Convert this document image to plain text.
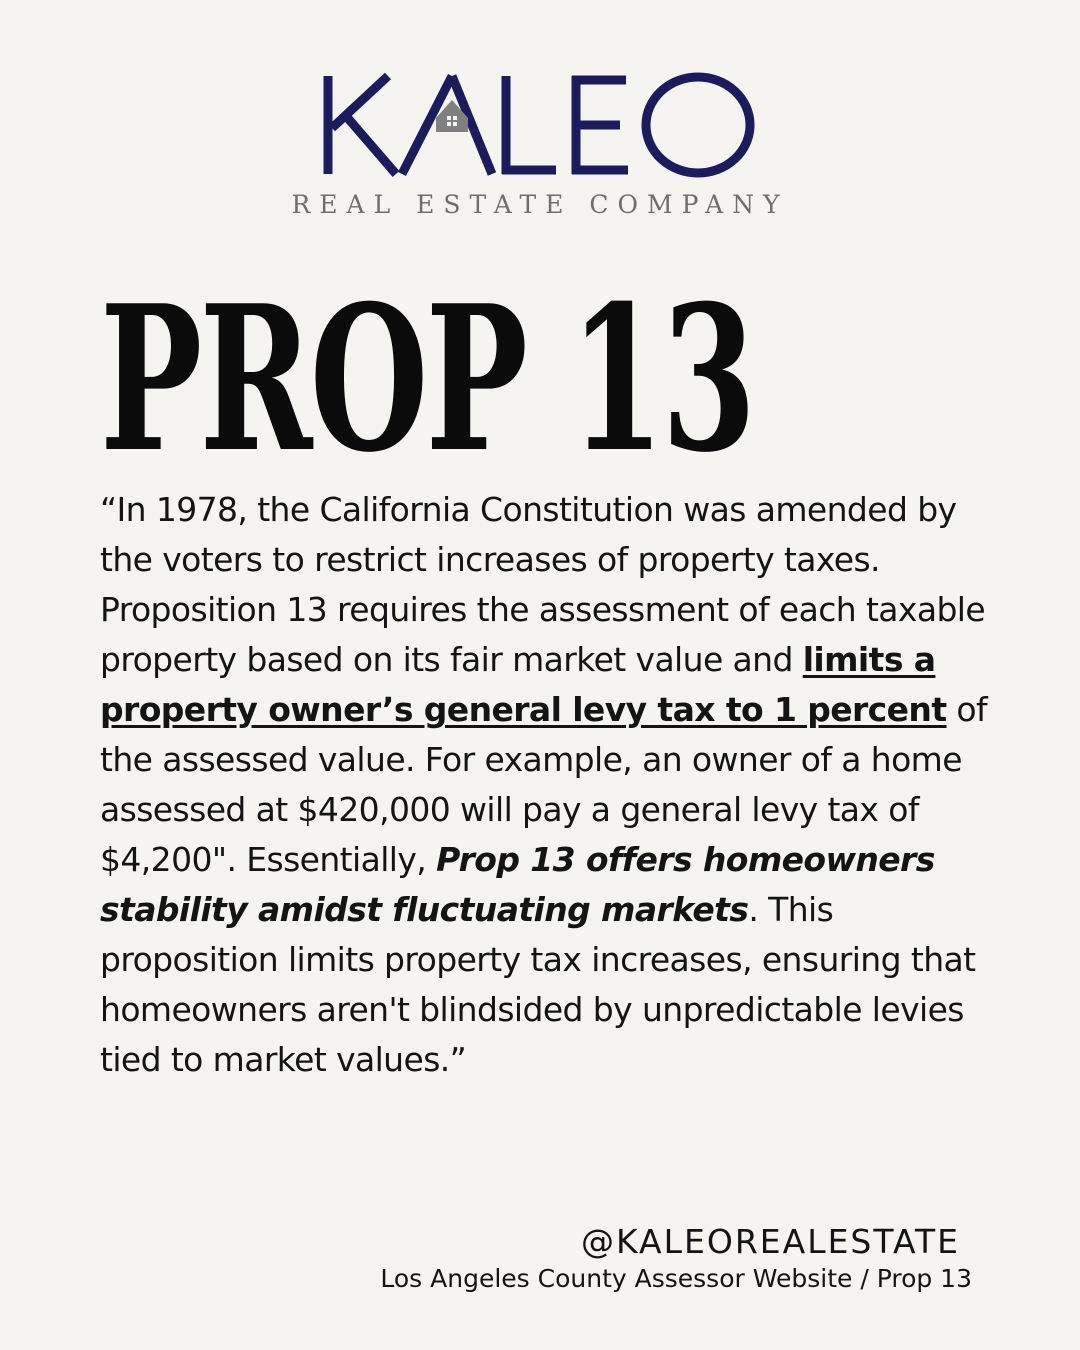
REAL ESTATE COMPANY
PROP 13

“In 1978, the California Constitution was amended by the voters to restrict increases of property taxes. Proposition 13 requires the assessment of each taxable property based on its fair market value and limits a property owner’s general levy tax to 1 percent of the assessed value. For example, an owner of a home assessed at $420,000 will pay a general levy tax of $4,200". Essentially, Prop 13 offers homeowners stability amidst fluctuating markets. This proposition limits property tax increases, ensuring that homeowners aren't blindsided by unpredictable levies tied to market values.”

@KALEOREALESTATE
Los Angeles County Assessor Website / Prop 13
